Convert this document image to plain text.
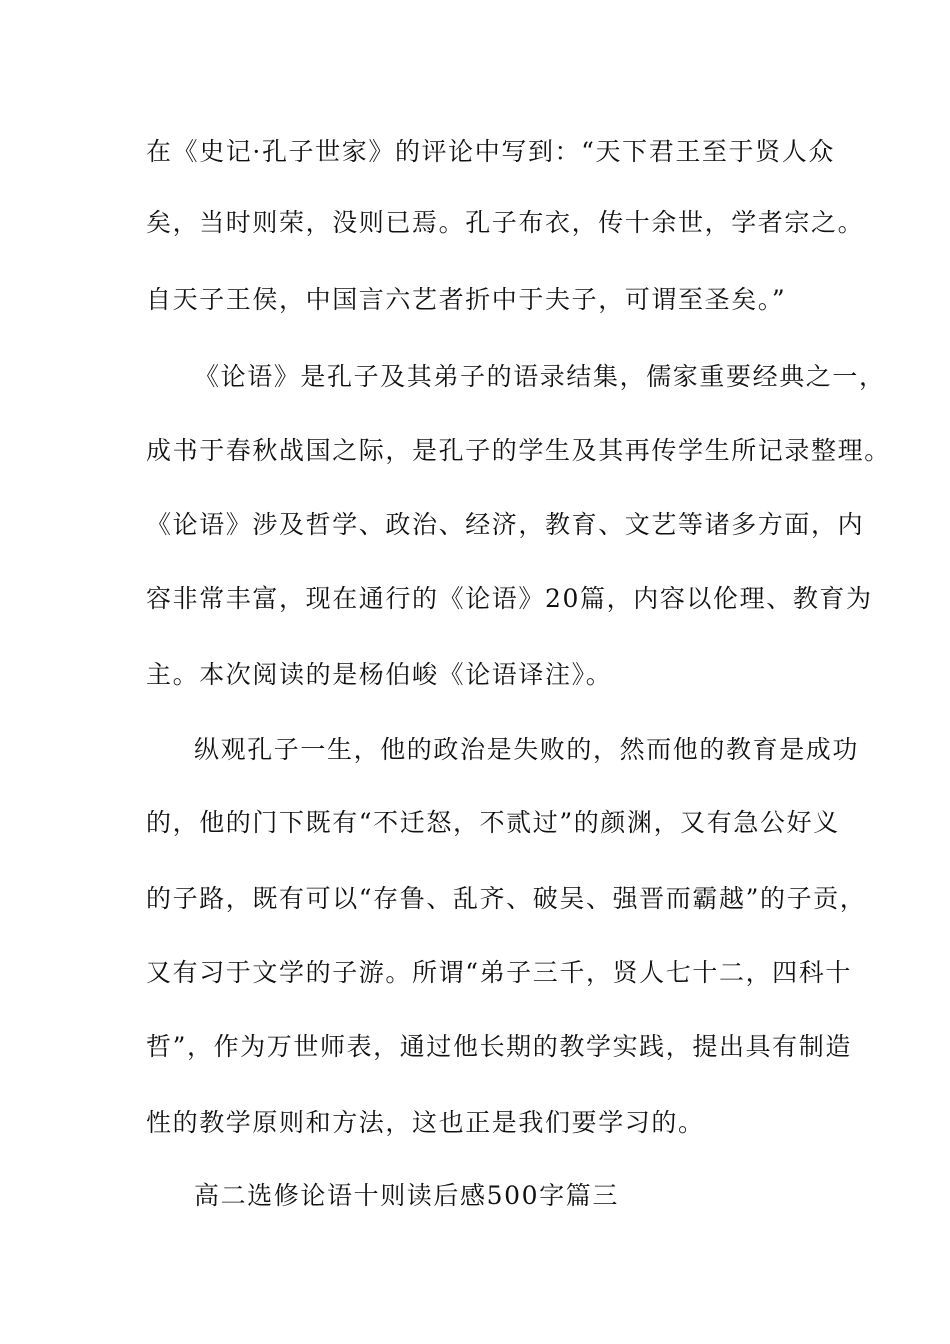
在《史记·孔子世家》的评论中写到：“天下君王至于贤人众
矣，当时则荣，没则已焉。孔子布衣，传十余世，学者宗之。
自天子王侯，中国言六艺者折中于夫子，可谓至圣矣。”
《论语》是孔子及其弟子的语录结集，儒家重要经典之一，
成书于春秋战国之际，是孔子的学生及其再传学生所记录整理。
《论语》涉及哲学、政治、经济，教育、文艺等诸多方面，内
容非常丰富，现在通行的《论语》20篇，内容以伦理、教育为
主。本次阅读的是杨伯峻《论语译注》。
纵观孔子一生，他的政治是失败的，然而他的教育是成功
的，他的门下既有“不迁怒，不贰过”的颜渊，又有急公好义
的子路，既有可以“存鲁、乱齐、破吴、强晋而霸越”的子贡，
又有习于文学的子游。所谓“弟子三千，贤人七十二，四科十
哲”，作为万世师表，通过他长期的教学实践，提出具有制造
性的教学原则和方法，这也正是我们要学习的。
高二选修论语十则读后感500字篇三
